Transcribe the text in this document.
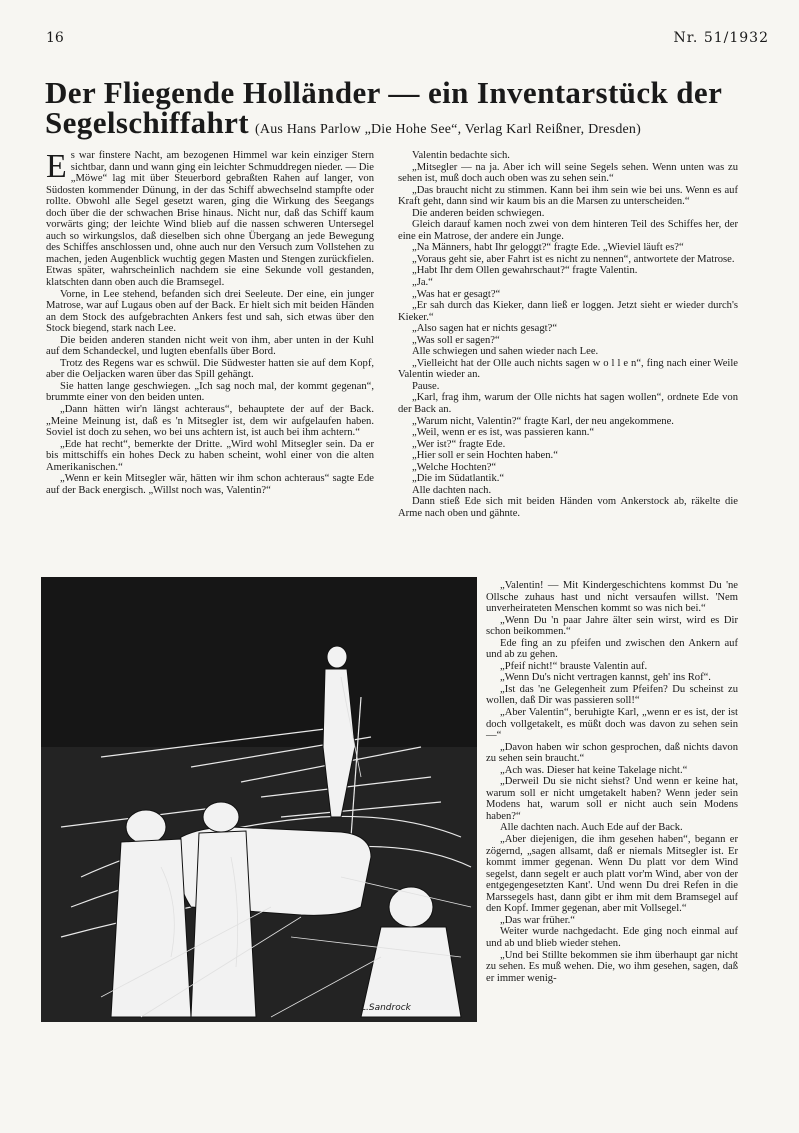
16	Nr. 51/1932
Der Fliegende Holländer — ein Inventarstück der Segelschiffahrt (Aus Hans Parlow „Die Hohe See“, Verlag Karl Reißner, Dresden)

Es war finstere Nacht, am bezogenen Himmel war kein einziger Stern sichtbar, dann und wann ging ein leichter Schmuddregen nieder. — Die „Möwe“ lag mit über Steuerbord gebraßten Rahen auf langer, von Südosten kommender Dünung, in der das Schiff abwechselnd stampfte oder rollte. Obwohl alle Segel gesetzt waren, ging die Wirkung des Seegangs doch über die der schwachen Brise hinaus. Nicht nur, daß das Schiff kaum vorwärts ging; der leichte Wind blieb auf die nassen schweren Untersegel auch so wirkungslos, daß dieselben sich ohne Übergang an jede Bewegung des Schiffes anschlossen und, ohne auch nur den Versuch zum Vollstehen zu machen, jeden Augenblick wuchtig gegen Masten und Stengen zurückfielen. Etwas später, wahrscheinlich nachdem sie eine Sekunde voll gestanden, klatschten dann oben auch die Bramsegel.

Vorne, in Lee stehend, befanden sich drei Seeleute. Der eine, ein junger Matrose, war auf Lugaus oben auf der Back. Er hielt sich mit beiden Händen an dem Stock des aufgebrachten Ankers fest und sah, sich etwas über den Stock biegend, stark nach Lee.

Die beiden anderen standen nicht weit von ihm, aber unten in der Kuhl auf dem Schandeckel, und lugten ebenfalls über Bord.

Trotz des Regens war es schwül. Die Südwester hatten sie auf dem Kopf, aber die Oeljacken waren über das Spill gehängt.

Sie hatten lange geschwiegen. „Ich sag noch mal, der kommt gegenan“, brummte einer von den beiden unten.

„Dann hätten wir'n längst achteraus“, behauptete der auf der Back. „Meine Meinung ist, daß es 'n Mitsegler ist, dem wir aufgelaufen haben. Soviel ist doch zu sehen, wo bei uns achtern ist, ist auch bei ihm achtern.“

„Ede hat recht“, bemerkte der Dritte. „Wird wohl Mitsegler sein. Da er bis mittschiffs ein hohes Deck zu haben scheint, wohl einer von die alten Amerikanischen.“

„Wenn er kein Mitsegler wär, hätten wir ihm schon achteraus“ sagte Ede auf der Back energisch. „Willst noch was, Valentin?“

Valentin bedachte sich.

„Mitsegler — na ja. Aber ich will seine Segels sehen. Wenn unten was zu sehen ist, muß doch auch oben was zu sehen sein.“

„Das braucht nicht zu stimmen. Kann bei ihm sein wie bei uns. Wenn es auf Kraft geht, dann sind wir kaum bis an die Marsen zu unterscheiden.“

Die anderen beiden schwiegen.

Gleich darauf kamen noch zwei von dem hinteren Teil des Schiffes her, der eine ein Matrose, der andere ein Junge.

„Na Männers, habt Ihr geloggt?“ fragte Ede. „Wieviel läuft es?“

„Voraus geht sie, aber Fahrt ist es nicht zu nennen“, antwortete der Matrose.

„Habt Ihr dem Ollen gewahrschaut?“ fragte Valentin.

„Ja.“

„Was hat er gesagt?“

„Er sah durch das Kieker, dann ließ er loggen. Jetzt sieht er wieder durch's Kieker.“

„Also sagen hat er nichts gesagt?“

„Was soll er sagen?“

Alle schwiegen und sahen wieder nach Lee.

„Vielleicht hat der Olle auch nichts sagen w o l l e n“, fing nach einer Weile Valentin wieder an.

Pause.

„Karl, frag ihm, warum der Olle nichts hat sagen wollen“, ordnete Ede von der Back an.

„Warum nicht, Valentin?“ fragte Karl, der neu angekommene.

„Weil, wenn er es ist, was passieren kann.“

„Wer ist?“ fragte Ede.

„Hier soll er sein Hochten haben.“

„Welche Hochten?“

„Die im Südatlantik.“

Alle dachten nach.

Dann stieß Ede sich mit beiden Händen vom Ankerstock ab, räkelte die Arme nach oben und gähnte.

L.Sandrock

„Valentin! — Mit Kindergeschichtens kommst Du 'ne Ollsche zuhaus hast und nicht versaufen willst. 'Nem unverheirateten Menschen kommt so was nich bei.“

„Wenn Du 'n paar Jahre älter sein wirst, wird es Dir schon beikommen.“

Ede fing an zu pfeifen und zwischen den Ankern auf und ab zu gehen.

„Pfeif nicht!“ brauste Valentin auf.

„Wenn Du's nicht vertragen kannst, geh' ins Rof“.

„Ist das 'ne Gelegenheit zum Pfeifen? Du scheinst zu wollen, daß Dir was passieren soll!“

„Aber Valentin“, beruhigte Karl, „wenn er es ist, der ist doch vollgetakelt, es müßt doch was davon zu sehen sein —“

„Davon haben wir schon gesprochen, daß nichts davon zu sehen sein braucht.“

„Ach was. Dieser hat keine Takelage nicht.“

„Derweil Du sie nicht siehst? Und wenn er keine hat, warum soll er nicht umgetakelt haben? Wenn jeder sein Modens hat, warum soll er nicht auch sein Modens haben?“

Alle dachten nach. Auch Ede auf der Back.

„Aber diejenigen, die ihm gesehen haben“, begann er zögernd, „sagen allsamt, daß er niemals Mitsegler ist. Er kommt immer gegenan. Wenn Du platt vor dem Wind segelst, dann segelt er auch platt vor'm Wind, aber von der entgegengesetzten Kant'. Und wenn Du drei Refen in die Marssegels hast, dann gibt er ihm mit dem Bramsegel auf den Kopf. Immer gegenan, aber mit Vollsegel.“

„Das war früher.“

Weiter wurde nachgedacht. Ede ging noch einmal auf und ab und blieb wieder stehen.

„Und bei Stillte bekommen sie ihm überhaupt gar nicht zu sehen. Es muß wehen. Die, wo ihm gesehen, sagen, daß er immer wenig-
